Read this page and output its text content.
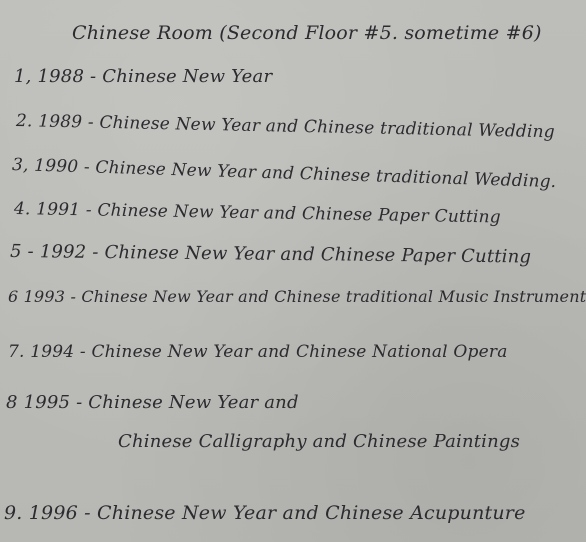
Chinese Room (Second Floor #5. sometime #6)
1, 1988 - Chinese New Year
2. 1989 - Chinese New Year and Chinese traditional Wedding
3, 1990 - Chinese New Year and Chinese traditional Wedding.
4. 1991 - Chinese New Year and Chinese Paper Cutting
5 - 1992 - Chinese New Year and Chinese Paper Cutting
6 1993 - Chinese New Year and Chinese traditional Music Instrument
7. 1994 - Chinese New Year and Chinese National Opera
8 1995 - Chinese New Year and
Chinese Calligraphy and Chinese Paintings
9. 1996 - Chinese New Year and Chinese Acupunture
